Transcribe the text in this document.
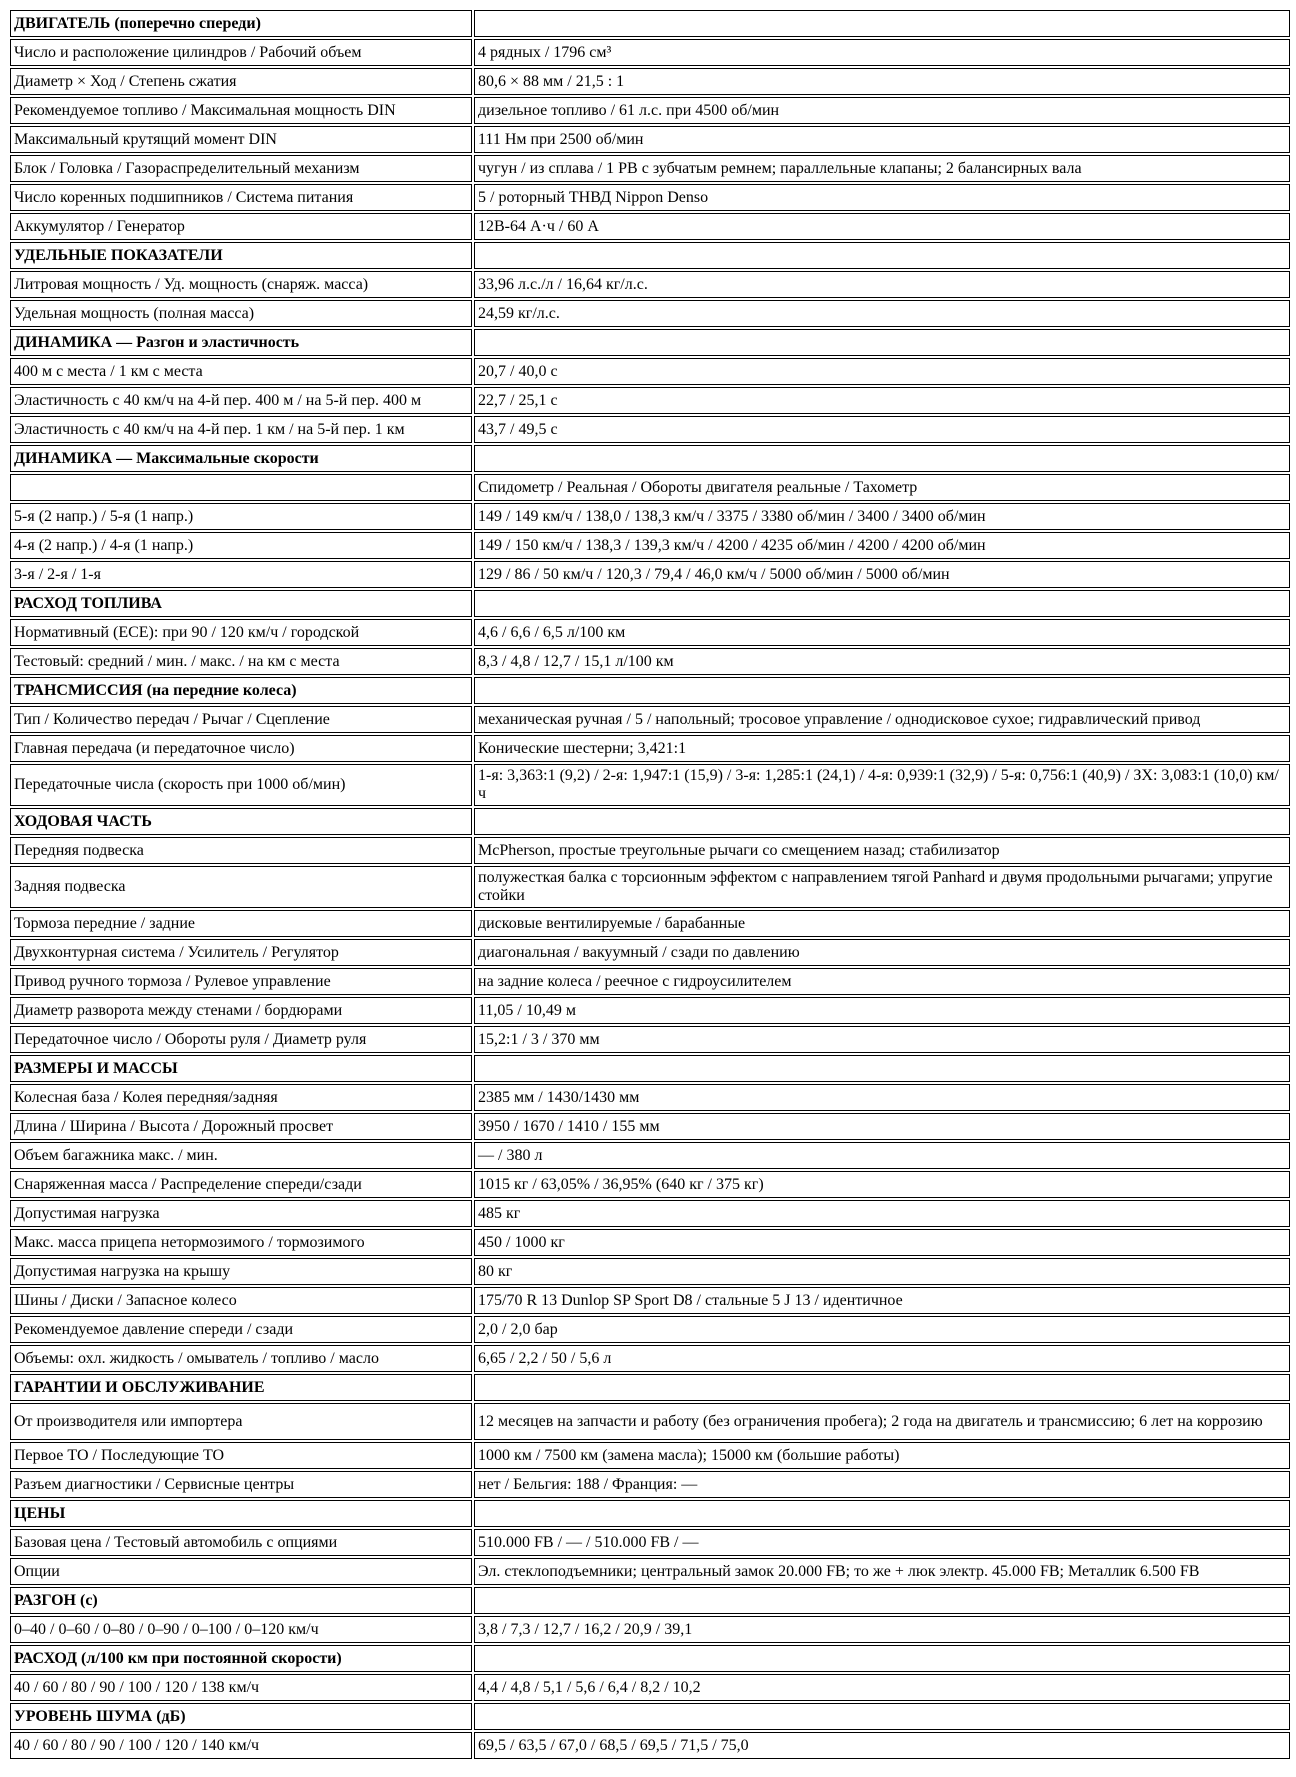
ДВИГАТЕЛЬ (поперечно спереди)	
Число и расположение цилиндров / Рабочий объем	4 рядных / 1796 см³
Диаметр × Ход / Степень сжатия	80,6 × 88 мм / 21,5 : 1
Рекомендуемое топливо / Максимальная мощность DIN	дизельное топливо / 61 л.с. при 4500 об/мин
Максимальный крутящий момент DIN	111 Нм при 2500 об/мин
Блок / Головка / Газораспределительный механизм	чугун / из сплава / 1 РВ с зубчатым ремнем; параллельные клапаны; 2 балансирных вала
Число коренных подшипников / Система питания	5 / роторный ТНВД Nippon Denso
Аккумулятор / Генератор	12В-64 А·ч / 60 А
УДЕЛЬНЫЕ ПОКАЗАТЕЛИ	
Литровая мощность / Уд. мощность (снаряж. масса)	33,96 л.с./л / 16,64 кг/л.с.
Удельная мощность (полная масса)	24,59 кг/л.с.
ДИНАМИКА — Разгон и эластичность	
400 м с места / 1 км с места	20,7 / 40,0 с
Эластичность с 40 км/ч на 4-й пер. 400 м / на 5-й пер. 400 м	22,7 / 25,1 с
Эластичность с 40 км/ч на 4-й пер. 1 км / на 5-й пер. 1 км	43,7 / 49,5 с
ДИНАМИКА — Максимальные скорости	
	Спидометр / Реальная / Обороты двигателя реальные / Тахометр
5-я (2 напр.) / 5-я (1 напр.)	149 / 149 км/ч / 138,0 / 138,3 км/ч / 3375 / 3380 об/мин / 3400 / 3400 об/мин
4-я (2 напр.) / 4-я (1 напр.)	149 / 150 км/ч / 138,3 / 139,3 км/ч / 4200 / 4235 об/мин / 4200 / 4200 об/мин
3-я / 2-я / 1-я	129 / 86 / 50 км/ч / 120,3 / 79,4 / 46,0 км/ч / 5000 об/мин / 5000 об/мин
РАСХОД ТОПЛИВА	
Нормативный (ECE): при 90 / 120 км/ч / городской	4,6 / 6,6 / 6,5 л/100 км
Тестовый: средний / мин. / макс. / на км с места	8,3 / 4,8 / 12,7 / 15,1 л/100 км
ТРАНСМИССИЯ (на передние колеса)	
Тип / Количество передач / Рычаг / Сцепление	механическая ручная / 5 / напольный; тросовое управление / однодисковое сухое; гидравлический привод
Главная передача (и передаточное число)	Конические шестерни; 3,421:1
Передаточные числа (скорость при 1000 об/мин)	1-я: 3,363:1 (9,2) / 2-я: 1,947:1 (15,9) / 3-я: 1,285:1 (24,1) / 4-я: 0,939:1 (32,9) / 5-я: 0,756:1 (40,9) / ЗХ: 3,083:1 (10,0) км/ч
ХОДОВАЯ ЧАСТЬ	
Передняя подвеска	McPherson, простые треугольные рычаги со смещением назад; стабилизатор
Задняя подвеска	полужесткая балка с торсионным эффектом с направлением тягой Panhard и двумя продольными рычагами; упругие стойки
Тормоза передние / задние	дисковые вентилируемые / барабанные
Двухконтурная система / Усилитель / Регулятор	диагональная / вакуумный / сзади по давлению
Привод ручного тормоза / Рулевое управление	на задние колеса / реечное с гидроусилителем
Диаметр разворота между стенами / бордюрами	11,05 / 10,49 м
Передаточное число / Обороты руля / Диаметр руля	15,2:1 / 3 / 370 мм
РАЗМЕРЫ И МАССЫ	
Колесная база / Колея передняя/задняя	2385 мм / 1430/1430 мм
Длина / Ширина / Высота / Дорожный просвет	3950 / 1670 / 1410 / 155 мм
Объем багажника макс. / мин.	— / 380 л
Снаряженная масса / Распределение спереди/сзади	1015 кг / 63,05% / 36,95% (640 кг / 375 кг)
Допустимая нагрузка	485 кг
Макс. масса прицепа нетормозимого / тормозимого	450 / 1000 кг
Допустимая нагрузка на крышу	80 кг
Шины / Диски / Запасное колесо	175/70 R 13 Dunlop SP Sport D8 / стальные 5 J 13 / идентичное
Рекомендуемое давление спереди / сзади	2,0 / 2,0 бар
Объемы: охл. жидкость / омыватель / топливо / масло	6,65 / 2,2 / 50 / 5,6 л
ГАРАНТИИ И ОБСЛУЖИВАНИЕ	
От производителя или импортера	12 месяцев на запчасти и работу (без ограничения пробега); 2 года на двигатель и трансмиссию; 6 лет на коррозию
Первое ТО / Последующие ТО	1000 км / 7500 км (замена масла); 15000 км (большие работы)
Разъем диагностики / Сервисные центры	нет / Бельгия: 188 / Франция: —
ЦЕНЫ	
Базовая цена / Тестовый автомобиль с опциями	510.000 FB / — / 510.000 FB / —
Опции	Эл. стеклоподъемники; центральный замок 20.000 FB; то же + люк электр. 45.000 FB; Металлик 6.500 FB
РАЗГОН (с)	
0–40 / 0–60 / 0–80 / 0–90 / 0–100 / 0–120 км/ч	3,8 / 7,3 / 12,7 / 16,2 / 20,9 / 39,1
РАСХОД (л/100 км при постоянной скорости)	
40 / 60 / 80 / 90 / 100 / 120 / 138 км/ч	4,4 / 4,8 / 5,1 / 5,6 / 6,4 / 8,2 / 10,2
УРОВЕНЬ ШУМА (дБ)	
40 / 60 / 80 / 90 / 100 / 120 / 140 км/ч	69,5 / 63,5 / 67,0 / 68,5 / 69,5 / 71,5 / 75,0
